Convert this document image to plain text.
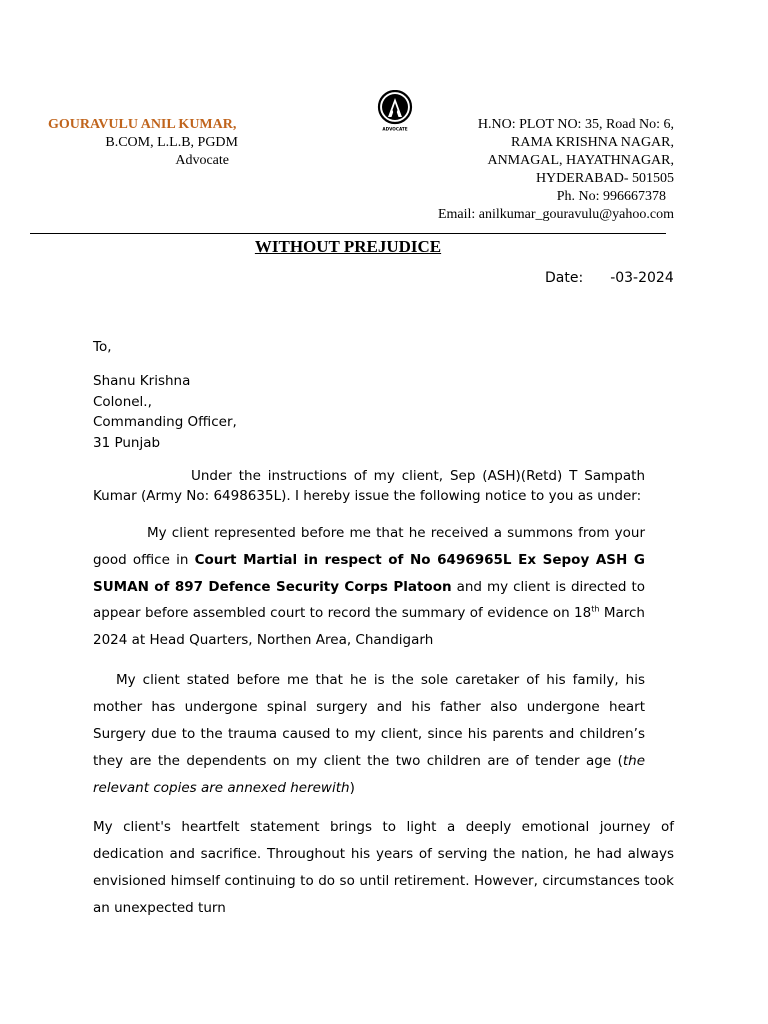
GOURAVULU ANIL KUMAR,
B.COM, L.L.B, PGDM
Advocate
ADVOCATE	H.NO: PLOT NO: 35, Road No: 6,
RAMA KRISHNA NAGAR,
ANMAGAL, HAYATHNAGAR,
HYDERABAD- 501505
Ph. No: 996667378
Email: anilkumar_gouravulu@yahoo.com
WITHOUT PREJUDICE
Date: -03-2024
To,
Shanu Krishna
Colonel.,
Commanding Officer,
31 Punjab
Under the instructions of my client, Sep (ASH)(Retd) T Sampath Kumar (Army No: 6498635L). I hereby issue the following notice to you as under:
My client represented before me that he received a summons from your good office in Court Martial in respect of No 6496965L Ex Sepoy ASH G SUMAN of 897 Defence Security Corps Platoon and my client is directed to appear before assembled court to record the summary of evidence on 18th March 2024 at Head Quarters, Northen Area, Chandigarh
My client stated before me that he is the sole caretaker of his family, his mother has undergone spinal surgery and his father also undergone heart Surgery due to the trauma caused to my client, since his parents and children’s they are the dependents on my client the two children are of tender age (the relevant copies are annexed herewith)
My client's heartfelt statement brings to light a deeply emotional journey of dedication and sacrifice. Throughout his years of serving the nation, he had always envisioned himself continuing to do so until retirement. However, circumstances took an unexpected turn
